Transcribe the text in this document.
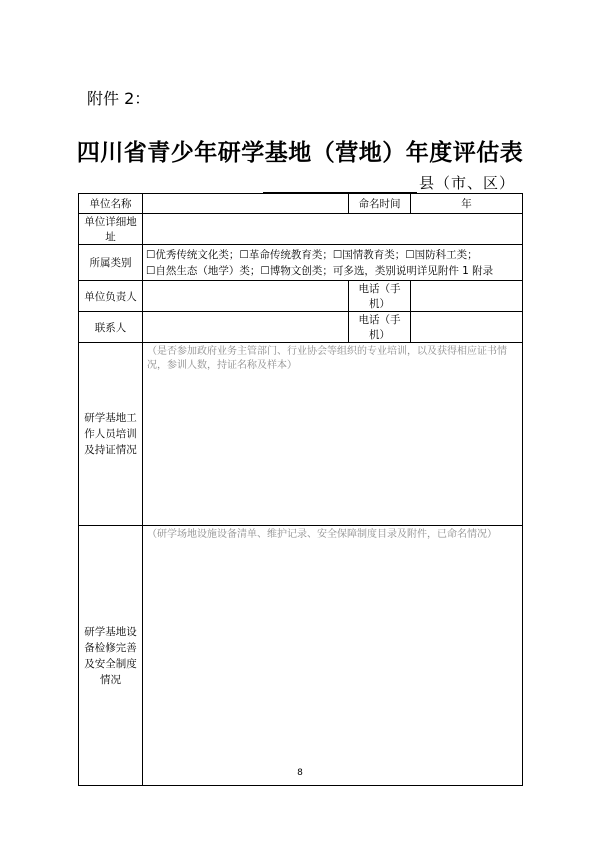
附件 2：
四川省青少年研学基地（营地）年度评估表
县（市、区）
单位名称		命名时间	年
单位详细地址			
所属类别	☐优秀传统文化类；☐革命传统教育类；☐国情教育类；☐国防科工类；
☐自然生态（地学）类；☐博物文创类；可多选，类别说明详见附件 1 附录		

单位负责人		电话（手机）	
联系人		电话（手机）	
研学基地工作人员培训及持证情况	（是否参加政府业务主管部门、行业协会等组织的专业培训，以及获得相应证书情况，参训人数，持证名称及样本）		
研学基地设备检修完善及安全制度情况	（研学场地设施设备清单、维护记录、安全保障制度目录及附件，已命名情况）		
8
